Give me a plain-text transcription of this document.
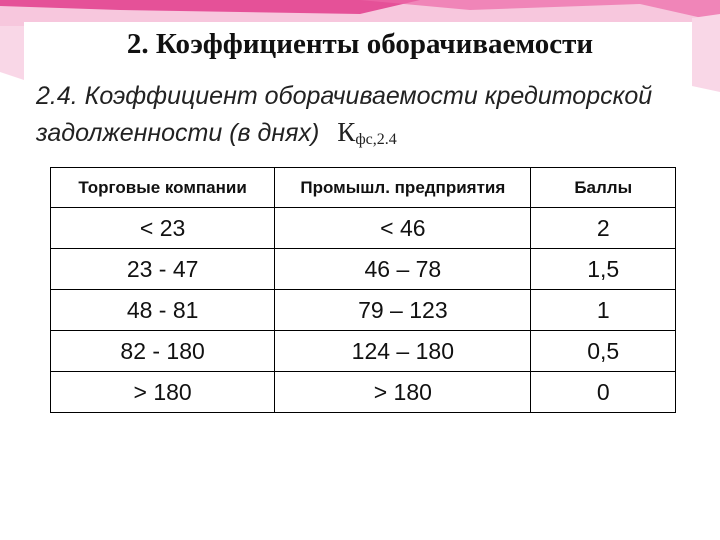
2. Коэффициенты оборачиваемости
2.4. Коэффициент оборачиваемости кредиторской
задолженности (в днях) $К_{фс,2.4}$
Торговые компании	Промышл. предприятия	Баллы
< 23	< 46	2
23 - 47	46 – 78	1,5
48 - 81	79 – 123	1
82 - 180	124 – 180	0,5
> 180	> 180	0
